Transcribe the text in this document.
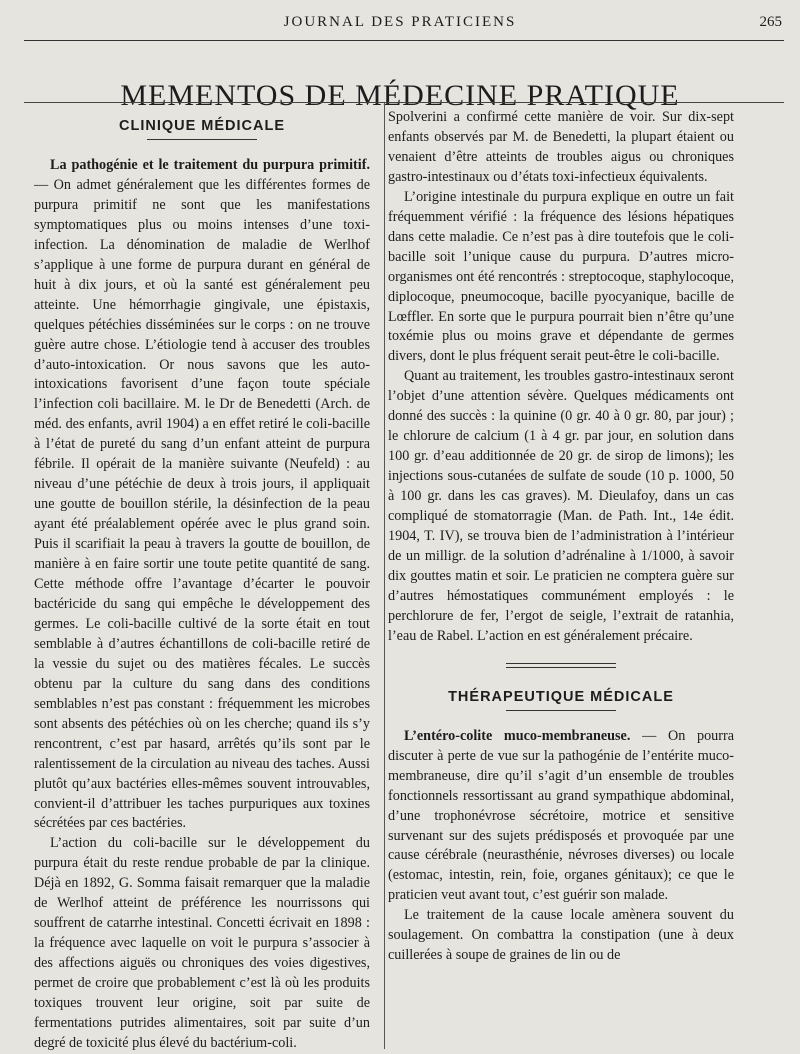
JOURNAL DES PRATICIENS	265
MEMENTOS DE MÉDECINE PRATIQUE
CLINIQUE MÉDICALE

La pathogénie et le traitement du purpura primitif. — On admet généralement que les différentes formes de purpura primitif ne sont que les manifestations symptomatiques plus ou moins intenses d’une toxi-infection. La dénomination de maladie de Werlhof s’applique à une forme de purpura durant en général de huit à dix jours, et où la santé est généralement peu atteinte. Une hémorrhagie gingivale, une épistaxis, quelques pétéchies disséminées sur le corps : on ne trouve guère autre chose. L’étiologie tend à accuser des troubles d’auto-intoxication. Or nous savons que les auto-intoxications favorisent d’une façon toute spéciale l’infection coli bacillaire. M. le Dr de Benedetti (Arch. de méd. des enfants, avril 1904) a en effet retiré le coli-bacille à l’état de pureté du sang d’un enfant atteint de purpura fébrile. Il opérait de la manière suivante (Neufeld) : au niveau d’une pétéchie de deux à trois jours, il appliquait une goutte de bouillon stérile, la désinfection de la peau ayant été préalablement opérée avec le plus grand soin. Puis il scarifiait la peau à travers la goutte de bouillon, de manière à en faire sortir une toute petite quantité de sang. Cette méthode offre l’avantage d’écarter le pouvoir bactéricide du sang qui empêche le développement des germes. Le coli-bacille cultivé de la sorte était en tout semblable à d’autres échantillons de coli-bacille retiré de la vessie du sujet ou des matières fécales. Le succès obtenu par la culture du sang dans des conditions semblables n’est pas constant : fréquemment les microbes sont absents des pétéchies où on les cherche; quand ils s’y rencontrent, c’est par hasard, arrêtés qu’ils sont par le ralentissement de la circulation au niveau des taches. Aussi plutôt qu’aux bactéries elles-mêmes souvent introuvables, convient-il d’attribuer les taches purpuriques aux toxines sécrétées par ces bactéries.

L’action du coli-bacille sur le développement du purpura était du reste rendue probable de par la clinique. Déjà en 1892, G. Somma faisait remarquer que la maladie de Werlhof atteint de préférence les nourrissons qui souffrent de catarrhe intestinal. Concetti écrivait en 1898 : la fréquence avec laquelle on voit le purpura s’associer à des affections aiguës ou chroniques des voies digestives, permet de croire que probablement c’est là où les produits toxiques trouvent leur origine, soit par suite de fermentations putrides alimentaires, soit par suite d’un degré de toxicité plus élevé du bactérium-coli.

Spolverini a confirmé cette manière de voir. Sur dix-sept enfants observés par M. de Benedetti, la plupart étaient ou venaient d’être atteints de troubles aigus ou chroniques gastro-intestinaux ou d’états toxi-infectieux équivalents.

L’origine intestinale du purpura explique en outre un fait fréquemment vérifié : la fréquence des lésions hépatiques dans cette maladie. Ce n’est pas à dire toutefois que le coli-bacille soit l’unique cause du purpura. D’autres micro-organismes ont été rencontrés : streptocoque, staphylocoque, diplocoque, pneumocoque, bacille pyocyanique, bacille de Lœffler. En sorte que le purpura pourrait bien n’être qu’une toxémie plus ou moins grave et dépendante de germes divers, dont le plus fréquent serait peut-être le coli-bacille.

Quant au traitement, les troubles gastro-intestinaux seront l’objet d’une attention sévère. Quelques médicaments ont donné des succès : la quinine (0 gr. 40 à 0 gr. 80, par jour) ; le chlorure de calcium (1 à 4 gr. par jour, en solution dans 100 gr. d’eau additionnée de 20 gr. de sirop de limons); les injections sous-cutanées de sulfate de soude (10 p. 1000, 50 à 100 gr. dans les cas graves). M. Dieulafoy, dans un cas compliqué de stomatorragie (Man. de Path. Int., 14e édit. 1904, T. IV), se trouva bien de l’administration à l’intérieur de un milligr. de la solution d’adrénaline à 1/1000, à savoir dix gouttes matin et soir. Le praticien ne comptera guère sur d’autres hémostatiques communément employés : le perchlorure de fer, l’ergot de seigle, l’extrait de ratanhia, l’eau de Rabel. L’action en est généralement précaire.

THÉRAPEUTIQUE MÉDICALE

L’entéro-colite muco-membraneuse. — On pourra discuter à perte de vue sur la pathogénie de l’entérite muco-membraneuse, dire qu’il s’agit d’un ensemble de troubles fonctionnels ressortissant au grand sympathique abdominal, d’une trophonévrose sécrétoire, motrice et sensitive survenant sur des sujets prédisposés et provoquée par une cause cérébrale (neurasthénie, névroses diverses) ou locale (estomac, intestin, rein, foie, organes génitaux); ce que le praticien veut avant tout, c’est guérir son malade.

Le traitement de la cause locale amènera souvent du soulagement. On combattra la constipation (une à deux cuillerées à soupe de graines de lin ou de
